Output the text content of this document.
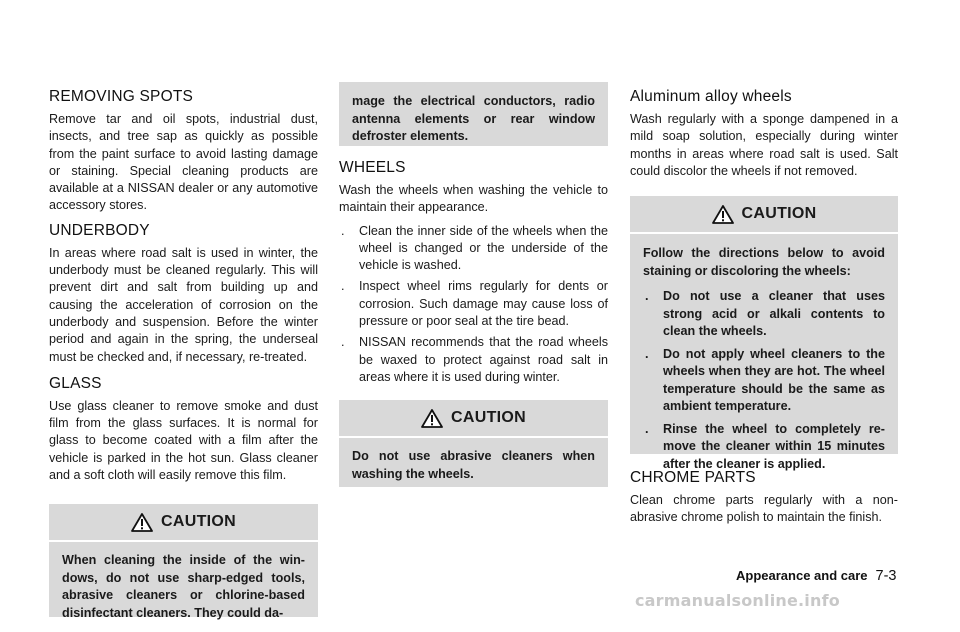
REMOVING SPOTS

Remove tar and oil spots, industrial dust, insects, and tree sap as quickly as possible from the paint surface to avoid lasting damage or staining. Special cleaning products are available at a NISSAN dealer or any automotive accessory stores.

UNDERBODY

In areas where road salt is used in winter, the underbody must be cleaned regularly. This will prevent dirt and salt from building up and causing the acceleration of corrosion on the underbody and suspension. Before the winter period and again in the spring, the underseal must be checked and, if necessary, re-treated.

GLASS

Use glass cleaner to remove smoke and dust film from the glass surfaces. It is normal for glass to become coated with a film after the vehicle is parked in the hot sun. Glass cleaner and a soft cloth will easily remove this film.

CAUTION

When cleaning the inside of the win-dows, do not use sharp-edged tools, abrasive cleaners or chlorine-based disinfectant cleaners. They could da-

mage the electrical conductors, radio antenna elements or rear window defroster elements.

WHEELS

Wash the wheels when washing the vehicle to maintain their appearance.

. Clean the inner side of the wheels when the wheel is changed or the underside of the vehicle is washed.
. Inspect wheel rims regularly for dents or corrosion. Such damage may cause loss of pressure or poor seal at the tire bead.
. NISSAN recommends that the road wheels be waxed to protect against road salt in areas where it is used during winter.
CAUTION

Do not use abrasive cleaners when washing the wheels.

Aluminum alloy wheels

Wash regularly with a sponge dampened in a mild soap solution, especially during winter months in areas where road salt is used. Salt could discolor the wheels if not removed.

CAUTION

Follow the directions below to avoid staining or discoloring the wheels:

. Do not use a cleaner that uses strong acid or alkali contents to clean the wheels.
. Do not apply wheel cleaners to the wheels when they are hot. The wheel temperature should be the same as ambient temperature.
. Rinse the wheel to completely re-move the cleaner within 15 minutes after the cleaner is applied.
CHROME PARTS

Clean chrome parts regularly with a non-abrasive chrome polish to maintain the finish.

Appearance and care 7-3
carmanualsonline.info
